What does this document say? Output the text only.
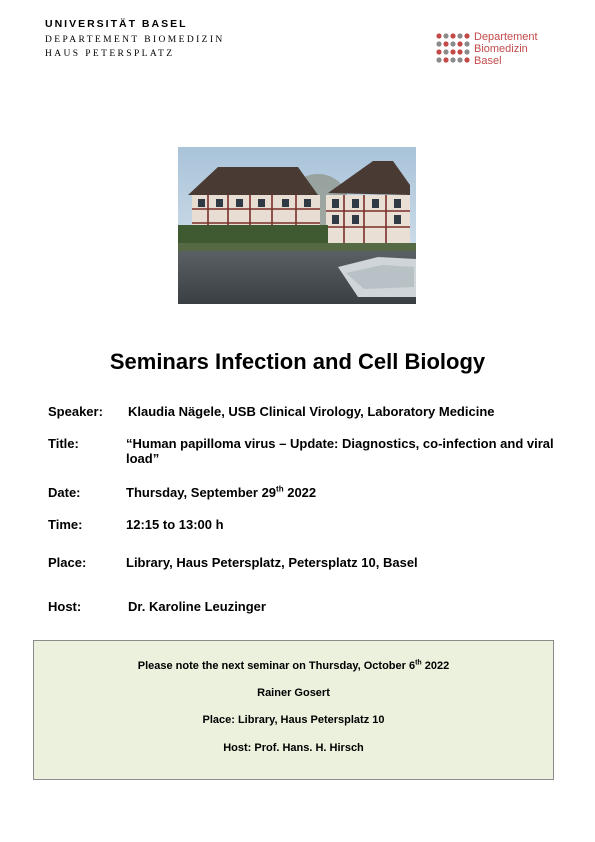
UNIVERSITÄT BASEL
DEPARTEMENT BIOMEDIZIN
HAUS PETERSPLATZ
Departement
Biomedizin
Basel
Seminars Infection and Cell Biology
Speaker: Klaudia Nägele, USB Clinical Virology, Laboratory Medicine
Title:	“Human papilloma virus – Update: Diagnostics, co-infection and viral load”
Date:	Thursday, September 29th 2022
Time:	12:15 to 13:00 h
Place:	Library, Haus Petersplatz, Petersplatz 10, Basel
Host:	Dr. Karoline Leuzinger
Please note the next seminar on Thursday, October 6th 2022
Rainer Gosert
Place: Library, Haus Petersplatz 10
Host: Prof. Hans. H. Hirsch
